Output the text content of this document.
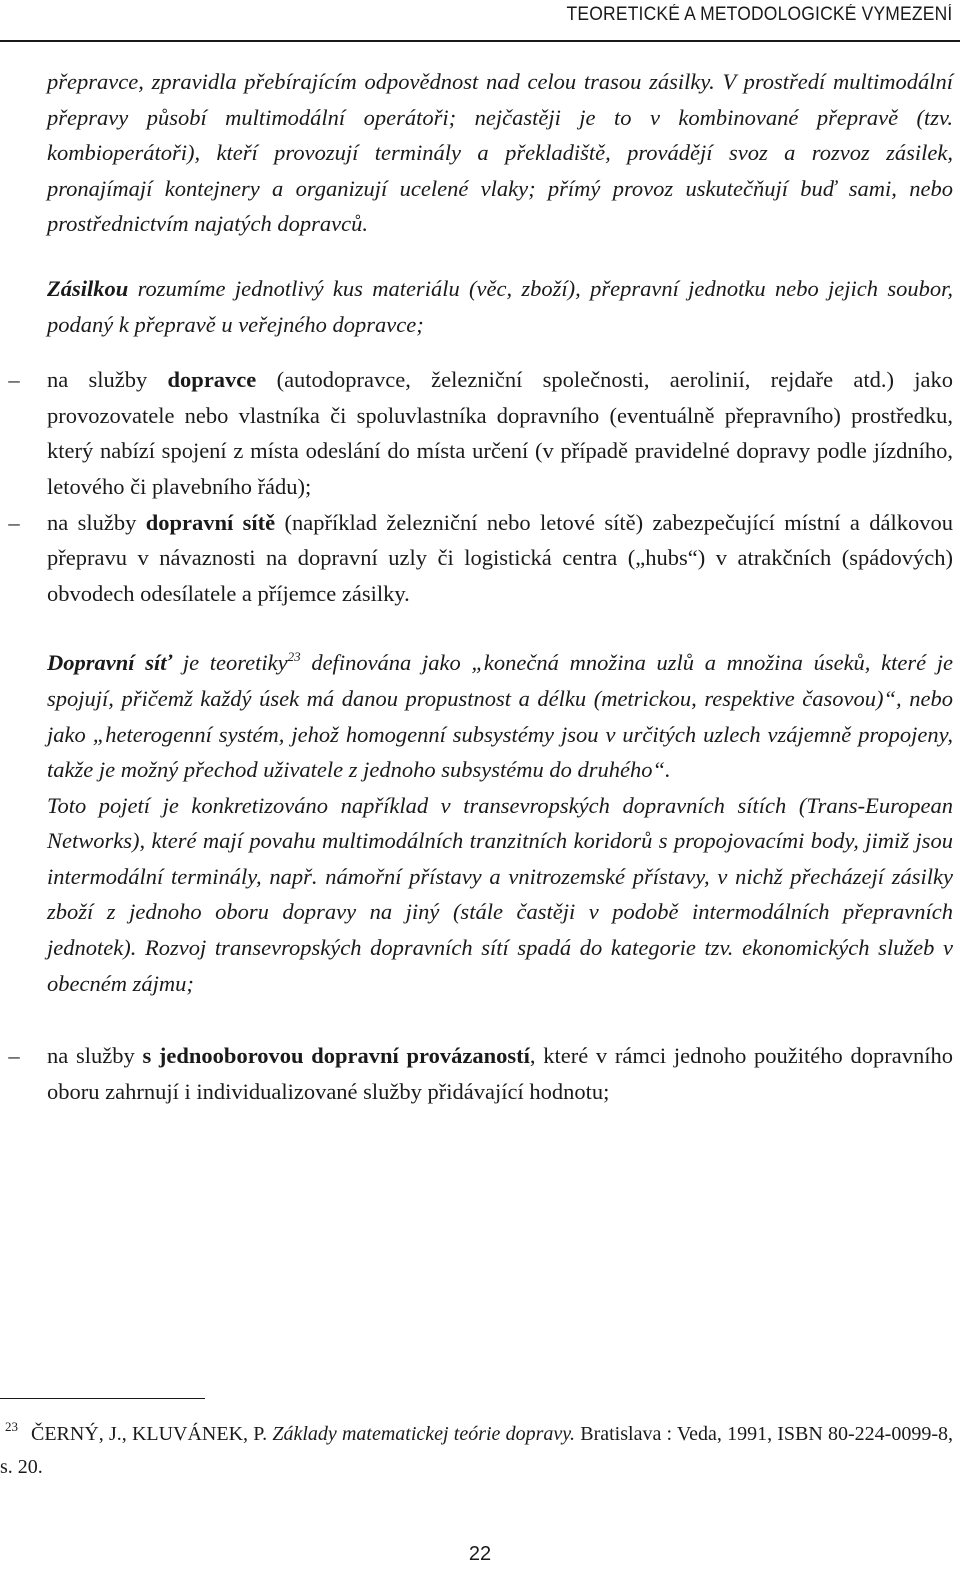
TEORETICKÉ A METODOLOGICKÉ VYMEZENÍ

přepravce, zpravidla přebírajícím odpovědnost nad celou trasou zásilky. V prostředí multimodální přepravy působí multimodální operátoři; nejčastěji je to v kombinované přepravě (tzv. kombioperátoři), kteří provozují terminály a překladiště, provádějí svoz a rozvoz zásilek, pronajímají kontejnery a organizují ucelené vlaky; přímý provoz uskutečňují buď sami, nebo prostřednictvím najatých dopravců.

Zásilkou rozumíme jednotlivý kus materiálu (věc, zboží), přepravní jednotku nebo jejich soubor, podaný k přepravě u veřejného dopravce;

–	na služby dopravce (autodopravce, železniční společnosti, aerolinií, rejdaře atd.) jako provozovatele nebo vlastníka či spoluvlastníka dopravního (eventuálně přepravního) prostředku, který nabízí spojení z místa odeslání do místa určení (v případě pravidelné dopravy podle jízdního, letového či plavebního řádu);
–	na služby dopravní sítě (například železniční nebo letové sítě) zabezpečující místní a dálkovou přepravu v návaznosti na dopravní uzly či logistická centra („hubs“) v atrakčních (spádových) obvodech odesílatele a příjemce zásilky.

Dopravní síť je teoretiky$^{23}$ definována jako „konečná množina uzlů a množina úseků, které je spojují, přičemž každý úsek má danou propustnost a délku (metrickou, respektive časovou)“, nebo jako „heterogenní systém, jehož homogenní subsystémy jsou v určitých uzlech vzájemně propojeny, takže je možný přechod uživatele z jednoho subsystému do druhého“.

Toto pojetí je konkretizováno například v transevropských dopravních sítích (Trans-European Networks), které mají povahu multimodálních tranzitních koridorů s propojovacími body, jimiž jsou intermodální terminály, např. námořní přístavy a vnitrozemské přístavy, v nichž přecházejí zásilky zboží z jednoho oboru dopravy na jiný (stále častěji v podobě intermodálních přepravních jednotek). Rozvoj transevropských dopravních sítí spadá do kategorie tzv. ekonomických služeb v obecném zájmu;

–	na služby s jednooborovou dopravní provázaností, které v rámci jednoho použitého dopravního oboru zahrnují i individualizované služby přidávající hodnotu;
23 ČERNÝ, J., KLUVÁNEK, P. Základy matematickej teórie dopravy. Bratislava : Veda, 1991, ISBN 80-224-0099-8, s. 20.
22
